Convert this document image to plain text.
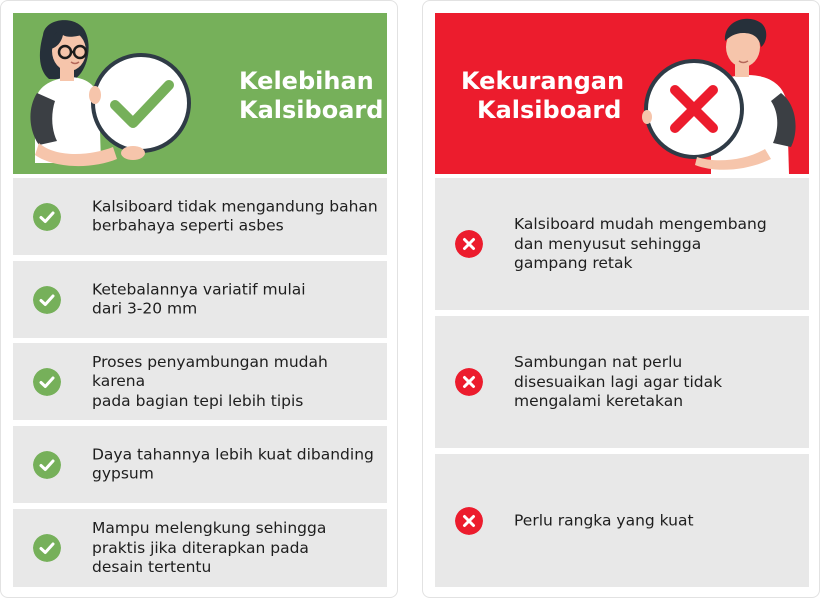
Kelebihan
Kalsiboard
Kalsiboard tidak mengandung bahan
berbahaya seperti asbes
Ketebalannya variatif mulai
dari 3-20 mm
Proses penyambungan mudah karena
pada bagian tepi lebih tipis
Daya tahannya lebih kuat dibanding
gypsum
Mampu melengkung sehingga
praktis jika diterapkan pada
desain tertentu
Kekurangan
Kalsiboard
Kalsiboard mudah mengembang
dan menyusut sehingga
gampang retak
Sambungan nat perlu
disesuaikan lagi agar tidak
mengalami keretakan
Perlu rangka yang kuat
